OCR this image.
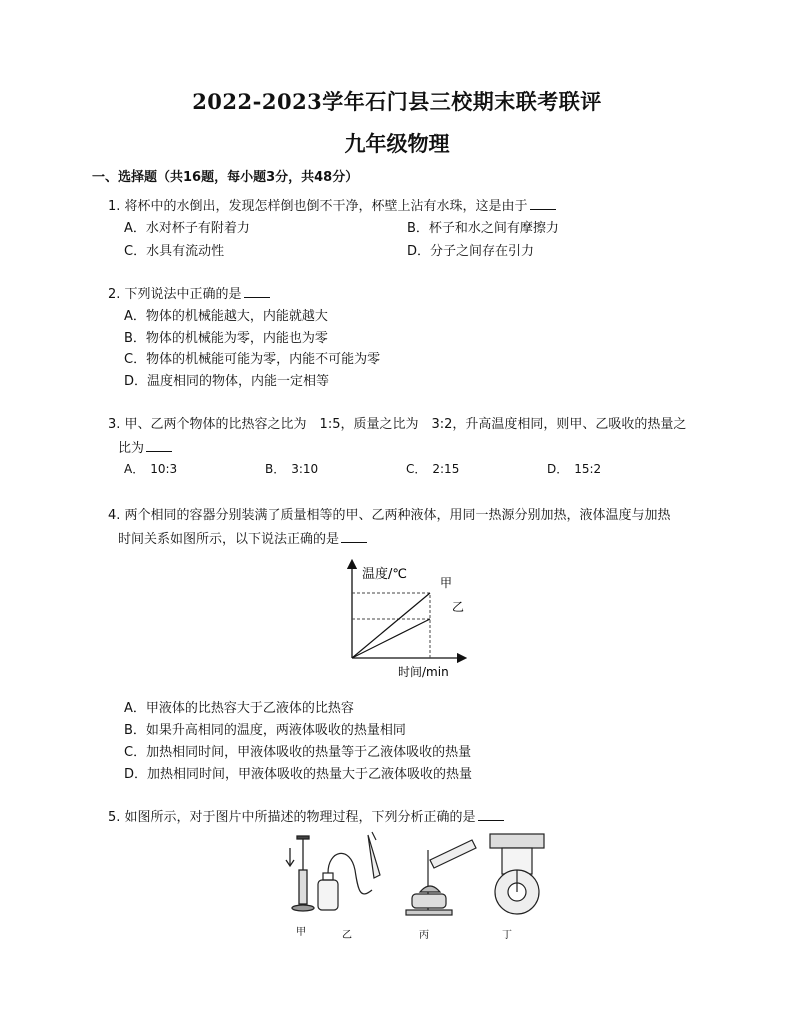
2022-2023学年石门县三校期末联考联评
九年级物理
一、选择题（共16题，每小题3分，共48分）
1. 将杯中的水倒出，发现怎样倒也倒不干净，杯壁上沾有水珠，这是由于
A．水对杯子有附着力	B．杯子和水之间有摩擦力
C．水具有流动性	D．分子之间存在引力
2. 下列说法中正确的是
A．物体的机械能越大，内能就越大
B．物体的机械能为零，内能也为零
C．物体的机械能可能为零，内能不可能为零
D．温度相同的物体，内能一定相等
3. 甲、乙两个物体的比热容之比为　1:5，质量之比为　3:2，升高温度相同，则甲、乙吸收的热量之
比为
A．　10:3	B．　3:10	C．　2:15	D．　15:2
4. 两个相同的容器分别装满了质量相等的甲、乙两种液体，用同一热源分别加热，液体温度与加热
时间关系如图所示，以下说法正确的是
温度/℃
时间/min
甲
乙
A．甲液体的比热容大于乙液体的比热容
B．如果升高相同的温度，两液体吸收的热量相同
C．加热相同时间，甲液体吸收的热量等于乙液体吸收的热量
D．加热相同时间，甲液体吸收的热量大于乙液体吸收的热量
5. 如图所示，对于图片中所描述的物理过程，下列分析正确的是
甲	乙	丙	丁
